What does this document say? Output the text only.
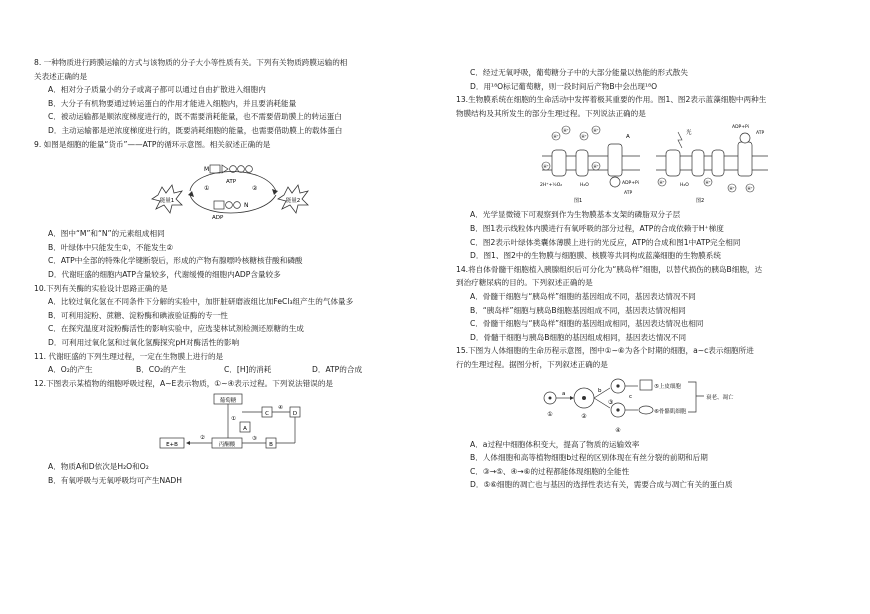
8. 一种物质进行跨膜运输的方式与该物质的分子大小等性质有关。下列有关物质跨膜运输的相
关表述正确的是
A．相对分子质量小的分子或离子都可以通过自由扩散进入细胞内
B．大分子有机物要通过转运蛋白的作用才能进入细胞内，并且要消耗能量
C．被动运输都是顺浓度梯度进行的，既不需要消耗能量，也不需要借助膜上的转运蛋白
D．主动运输都是逆浓度梯度进行的，既要消耗细胞的能量，也需要借助膜上的载体蛋白
9. 如图是细胞的能量“货币”——ATP的循环示意图。相关叙述正确的是
能量1	能量2
M
ATP
①	②
N
ADP
A．图中“M”和“N”的元素组成相同
B．叶绿体中只能发生①，不能发生②
C．ATP中全部的特殊化学键断裂后，形成的产物有腺嘌呤核糖核苷酸和磷酸
D．代谢旺盛的细胞内ATP含量较多，代谢缓慢的细胞内ADP含量较多
10.下列有关酶的实验设计思路正确的是
A．比较过氧化氢在不同条件下分解的实验中，加肝脏研磨液组比加FeCl₃组产生的气体量多
B．可利用淀粉、蔗糖、淀粉酶和碘液验证酶的专一性
C．在探究温度对淀粉酶活性的影响实验中，应选斐林试剂检测还原糖的生成
D．可利用过氧化氢和过氧化氢酶探究pH对酶活性的影响
11. 代谢旺盛的下列生理过程，一定在生物膜上进行的是
A．O₂的产生	B．CO₂的产生	C．[H]的消耗	D．ATP的合成
12.下图表示某植物的细胞呼吸过程，A~E表示物质，①~④表示过程。下列说法错误的是
葡萄糖
①
丙酮酸
②
E+B
A
③
B
C
④
D
A．物质A和D依次是H₂O和O₂
B．有氧呼吸与无氧呼吸均可产生NADH
C．经过无氧呼吸，葡萄糖分子中的大部分能量以热能的形式散失
D．用¹⁸O标记葡萄糖，则一段时间后产物B中会出现¹⁸O
13.生物膜系统在细胞的生命活动中发挥着极其重要的作用。图1、图2表示蓝藻细胞中两种生
物膜结构及其所发生的部分生理过程。下列说法正确的是
H⁺
H⁺
H⁺
H⁺
H⁺	H⁺
A
2H⁺+½O₂	H₂O	ADP+Pi
ATP
图1
光
ADP+Pi
ATP
H⁺	H⁺
H⁺	H⁺
H₂O
图2
A．光学显微镜下可观察到作为生物膜基本支架的磷脂双分子层
B．图1表示线粒体内膜进行有氧呼吸的部分过程，ATP的合成依赖于H⁺梯度
C．图2表示叶绿体类囊体薄膜上进行的光反应，ATP的合成和图1中ATP完全相同
D．图1、图2中的生物膜与细胞膜、核膜等共同构成蓝藻细胞的生物膜系统
14.将自体骨髓干细胞植入胰腺组织后可分化为“胰岛样”细胞，以替代损伤的胰岛B细胞，达
到治疗糖尿病的目的。下列叙述正确的是
A．骨髓干细胞与“胰岛样”细胞的基因组成不同，基因表达情况不同
B．“胰岛样”细胞与胰岛B细胞基因组成不同，基因表达情况相同
C．骨髓干细胞与“胰岛样”细胞的基因组成相同，基因表达情况也相同
D．骨髓干细胞与胰岛B细胞的基因组成相同，基因表达情况不同
15.下图为人体细胞的生命历程示意图，图中①~⑥为各个时期的细胞，a~c表示细胞所进
行的生理过程。据图分析，下列叙述正确的是
①
a
②
b
④
③
c
⑤上皮细胞
⑥骨骼肌细胞
衰老、凋亡
A．a过程中细胞体积变大，提高了物质的运输效率
B．人体细胞和高等植物细胞b过程的区别体现在有丝分裂的前期和后期
C．③→⑤、④→⑥的过程都能体现细胞的全能性
D．⑤⑥细胞的凋亡也与基因的选择性表达有关，需要合成与凋亡有关的蛋白质
